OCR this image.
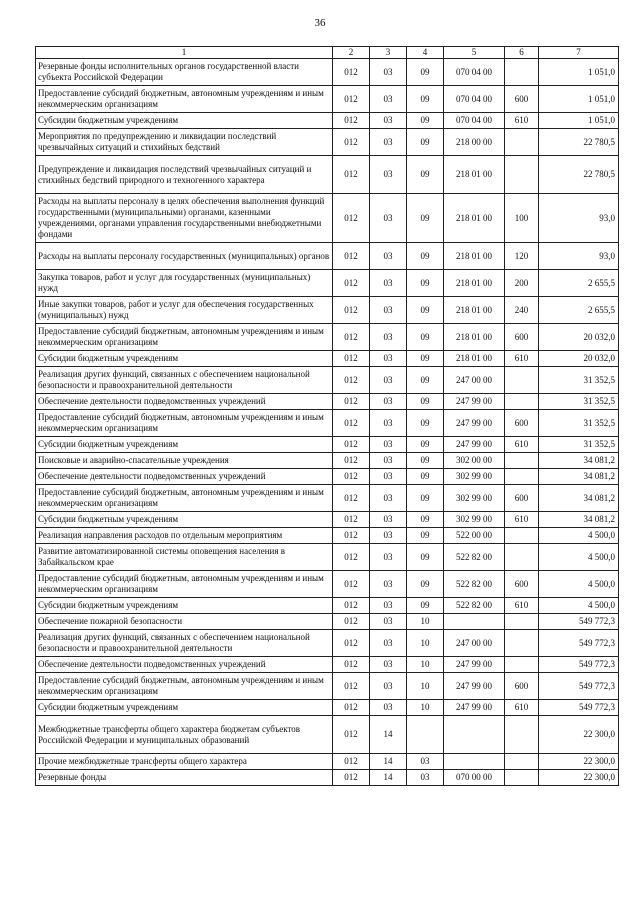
36
1	2	3	4	5	6	7
Резервные фонды исполнительных органов государственной власти субъекта Российской Федерации	012	03	09	070 04 00		1 051,0
Предоставление субсидий бюджетным, автономным учреждениям и иным некоммерческим организациям	012	03	09	070 04 00	600	1 051,0
Субсидии бюджетным учреждениям	012	03	09	070 04 00	610	1 051,0
Мероприятия по предупреждению и ликвидации последствий чрезвычайных ситуаций и стихийных бедствий	012	03	09	218 00 00		22 780,5
Предупреждение и ликвидация последствий чрезвычайных ситуаций и стихийных бедствий природного и техногенного характера	012	03	09	218 01 00		22 780,5
Расходы на выплаты персоналу в целях обеспечения выполнения функций государственными (муниципальными) органами, казенными учреждениями, органами управления государственными внебюджетными фондами	012	03	09	218 01 00	100	93,0
Расходы на выплаты персоналу государственных (муниципальных) органов	012	03	09	218 01 00	120	93,0
Закупка товаров, работ и услуг для государственных (муниципальных) нужд	012	03	09	218 01 00	200	2 655,5
Иные закупки товаров, работ и услуг для обеспечения государственных (муниципальных) нужд	012	03	09	218 01 00	240	2 655,5
Предоставление субсидий бюджетным, автономным учреждениям и иным некоммерческим организациям	012	03	09	218 01 00	600	20 032,0
Субсидии бюджетным учреждениям	012	03	09	218 01 00	610	20 032,0
Реализация других функций, связанных с обеспечением национальной безопасности и правоохранительной деятельности	012	03	09	247 00 00		31 352,5
Обеспечение деятельности подведомственных учреждений	012	03	09	247 99 00		31 352,5
Предоставление субсидий бюджетным, автономным учреждениям и иным некоммерческим организациям	012	03	09	247 99 00	600	31 352,5
Субсидии бюджетным учреждениям	012	03	09	247 99 00	610	31 352,5
Поисковые и аварийно-спасательные учреждения	012	03	09	302 00 00		34 081,2
Обеспечение деятельности подведомственных учреждений	012	03	09	302 99 00		34 081,2
Предоставление субсидий бюджетным, автономным учреждениям и иным некоммерческим организациям	012	03	09	302 99 00	600	34 081,2
Субсидии бюджетным учреждениям	012	03	09	302 99 00	610	34 081,2
Реализация направления расходов по отдельным мероприятиям	012	03	09	522 00 00		4 500,0
Развитие автоматизированной системы оповещения населения в Забайкальском крае	012	03	09	522 82 00		4 500,0
Предоставление субсидий бюджетным, автономным учреждениям и иным некоммерческим организациям	012	03	09	522 82 00	600	4 500,0
Субсидии бюджетным учреждениям	012	03	09	522 82 00	610	4 500,0
Обеспечение пожарной безопасности	012	03	10			549 772,3
Реализация других функций, связанных с обеспечением национальной безопасности и правоохранительной деятельности	012	03	10	247 00 00		549 772,3
Обеспечение деятельности подведомственных учреждений	012	03	10	247 99 00		549 772,3
Предоставление субсидий бюджетным, автономным учреждениям и иным некоммерческим организациям	012	03	10	247 99 00	600	549 772,3
Субсидии бюджетным учреждениям	012	03	10	247 99 00	610	549 772,3
Межбюджетные трансферты общего характера бюджетам субъектов Российской Федерации и муниципальных образований	012	14				22 300,0
Прочие межбюджетные трансферты общего характера	012	14	03			22 300,0
Резервные фонды	012	14	03	070 00 00		22 300,0
